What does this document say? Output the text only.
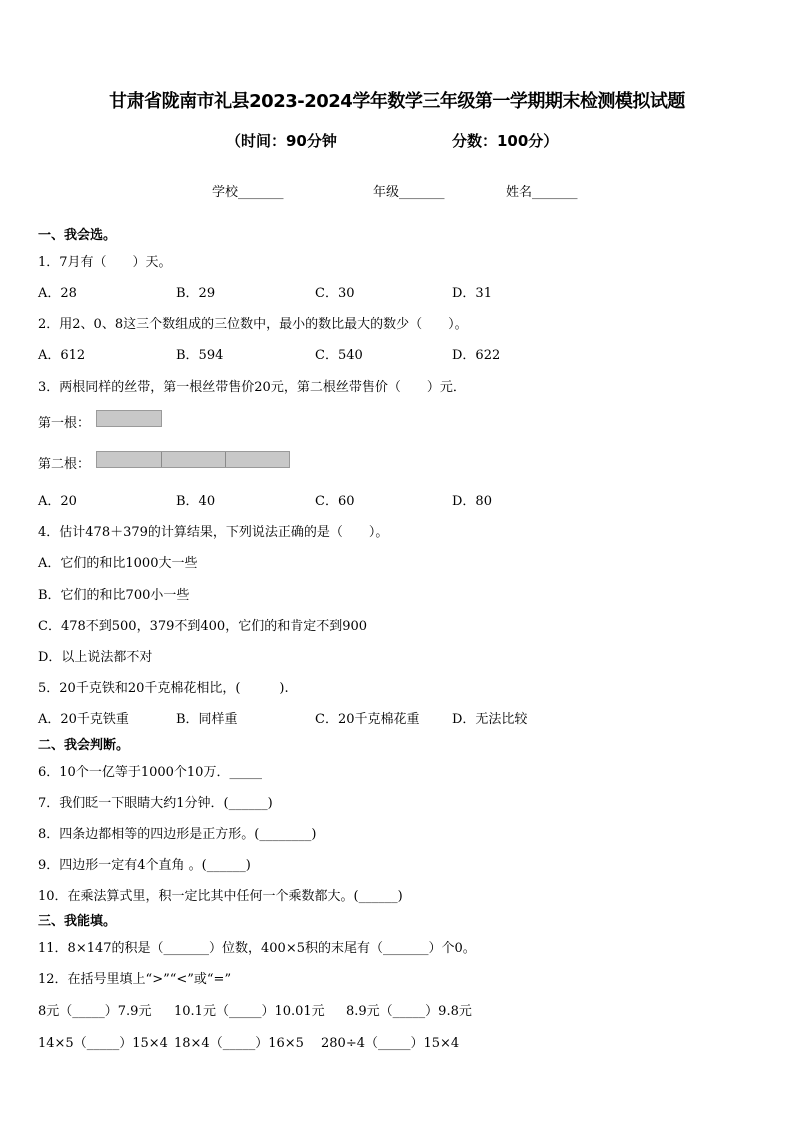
甘肃省陇南市礼县2023-2024学年数学三年级第一学期期末检测模拟试题
（时间：90分钟	分数：100分）
学校_______	年级_______	姓名_______
一、我会选。
1．7月有（　　）天。
A．28	B．29	C．30	D．31
2．用2、0、8这三个数组成的三位数中，最小的数比最大的数少（　　）。
A．612	B．594	C．540	D．622
3．两根同样的丝带，第一根丝带售价20元，第二根丝带售价（　　）元．
第一根：
第二根：
A．20	B．40	C．60	D．80
4．估计478＋379的计算结果，下列说法正确的是（　　）。
A．它们的和比1000大一些
B．它们的和比700小一些
C．478不到500，379不到400，它们的和肯定不到900
D．以上说法都不对
5．20千克铁和20千克棉花相比，(　　　).
A．20千克铁重	B．同样重	C．20千克棉花重	D．无法比较
二、我会判断。
6．10个一亿等于1000个10万．_____
7．我们眨一下眼睛大约1分钟．(______)
8．四条边都相等的四边形是正方形。(________)
9．四边形一定有4个直角 。(______)
10．在乘法算式里，积一定比其中任何一个乘数都大。(______)
三、我能填。
11．8×147的积是（_______）位数，400×5积的末尾有（_______）个0。
12．在括号里填上“>”“<”或“=”
8元（_____）7.9元 10.1元（_____）10.01元 8.9元（_____）9.8元
14×5（_____）15×4 18×4（_____）16×5 280÷4（_____）15×4
